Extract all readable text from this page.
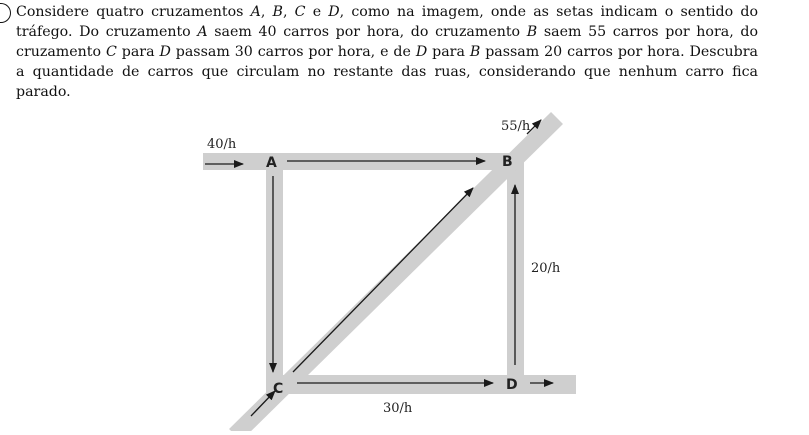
Considere quatro cruzamentos A, B, C e D, como na imagem, onde as setas indicam o sentido do tráfego. Do cruzamento A saem 40 carros por hora, do cruzamento B saem 55 carros por hora, do cruzamento C para D passam 30 carros por hora, e de D para B passam 20 carros por hora. Descubra a quantidade de carros que circulam no restante das ruas, considerando que nenhum carro fica parado.

A	B
C	D
40/h
55/h
20/h
30/h
